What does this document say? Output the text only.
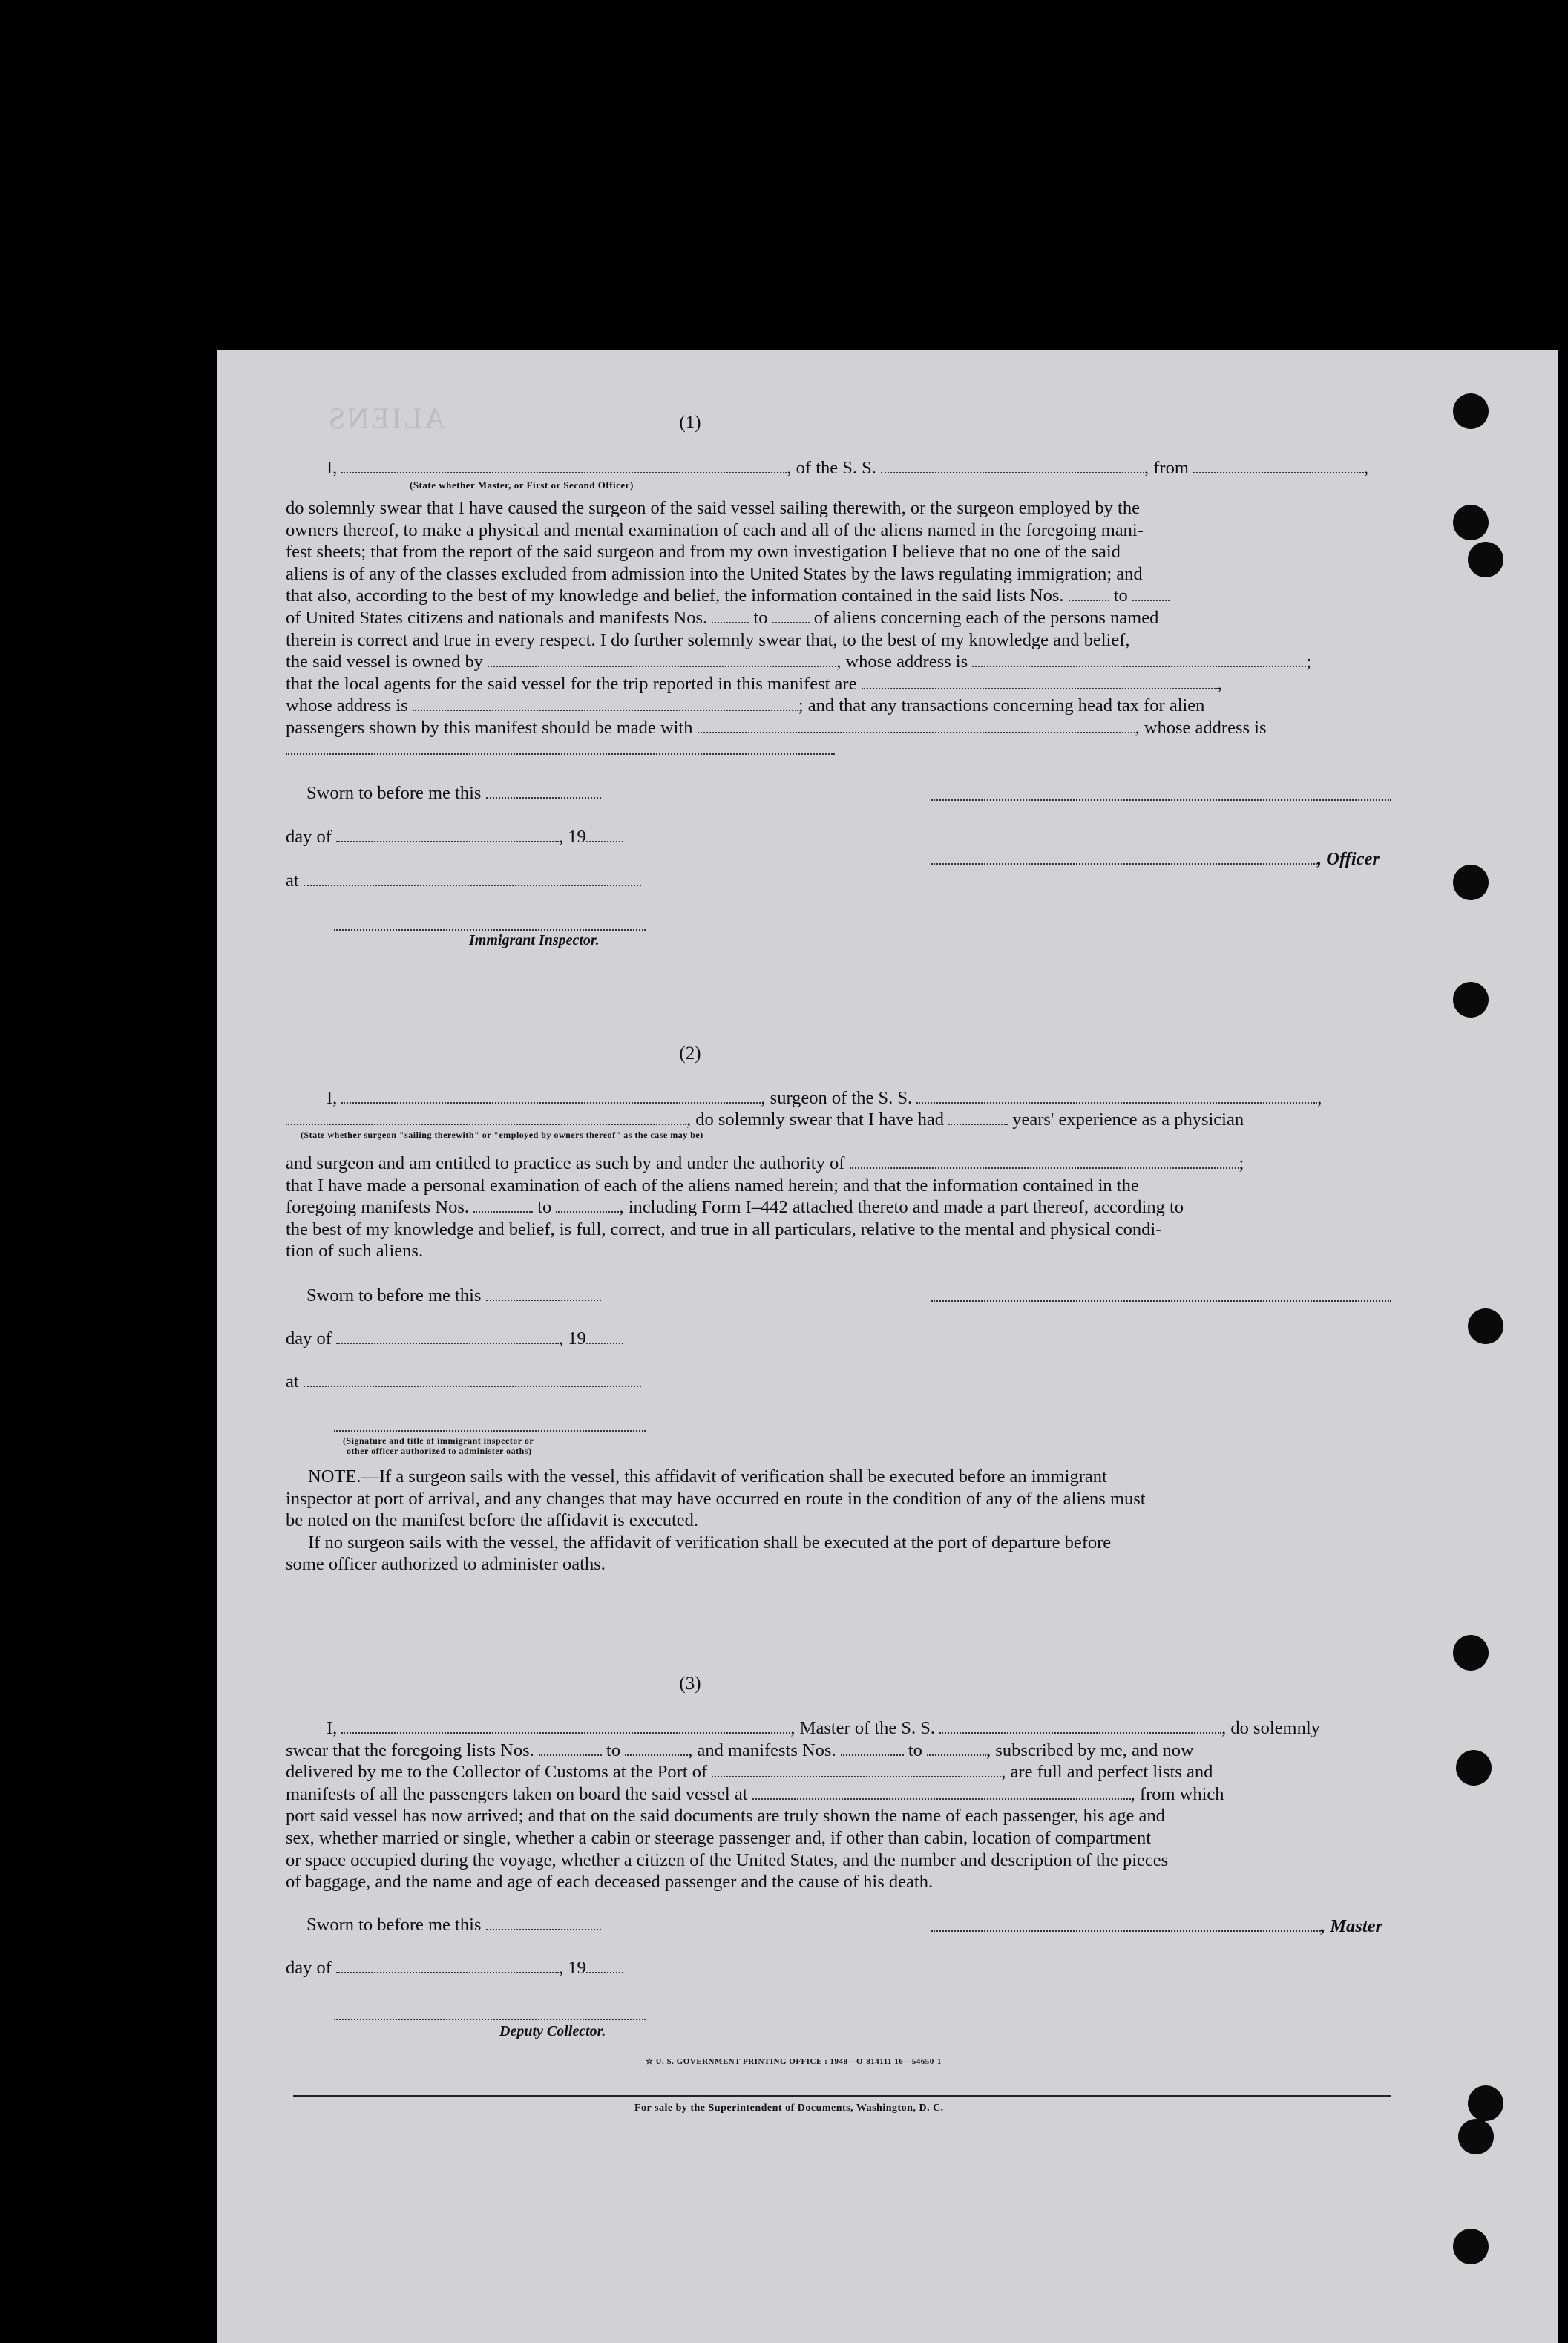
ALIENS	(1)
I,	, of the S. S.	, from	,
(State whether Master, or First or Second Officer)
do solemnly swear that I have caused the surgeon of the said vessel sailing therewith, or the surgeon employed by the
owners thereof, to make a physical and mental examination of each and all of the aliens named in the foregoing mani-
fest sheets; that from the report of the said surgeon and from my own investigation I believe that no one of the said
aliens is of any of the classes excluded from admission into the United States by the laws regulating immigration; and
that also, according to the best of my knowledge and belief, the information contained in the said lists Nos.	to
of United States citizens and nationals and manifests Nos.	to	of aliens concerning each of the persons named
therein is correct and true in every respect. I do further solemnly swear that, to the best of my knowledge and belief,
the said vessel is owned by	, whose address is	;
that the local agents for the said vessel for the trip reported in this manifest are	,
whose address is	; and that any transactions concerning head tax for alien
passengers shown by this manifest should be made with	, whose address is
Sworn to before me this
day of	, 19
, Officer
at
Immigrant Inspector.
(2)
I,	, surgeon of the S. S.	,
, do solemnly swear that I have had	years' experience as a physician
(State whether surgeon "sailing therewith" or "employed by owners thereof" as the case may be)
and surgeon and am entitled to practice as such by and under the authority of	;
that I have made a personal examination of each of the aliens named herein; and that the information contained in the
foregoing manifests Nos.	to	, including Form I–442 attached thereto and made a part thereof, according to
the best of my knowledge and belief, is full, correct, and true in all particulars, relative to the mental and physical condi-
tion of such aliens.
Sworn to before me this
day of	, 19
at
(Signature and title of immigrant inspector or
other officer authorized to administer oaths)
NOTE.—If a surgeon sails with the vessel, this affidavit of verification shall be executed before an immigrant
inspector at port of arrival, and any changes that may have occurred en route in the condition of any of the aliens must
be noted on the manifest before the affidavit is executed.
If no surgeon sails with the vessel, the affidavit of verification shall be executed at the port of departure before
some officer authorized to administer oaths.
(3)
I,	, Master of the S. S.	, do solemnly
swear that the foregoing lists Nos.	to	, and manifests Nos.	to	, subscribed by me, and now
delivered by me to the Collector of Customs at the Port of	, are full and perfect lists and
manifests of all the passengers taken on board the said vessel at	, from which
port said vessel has now arrived; and that on the said documents are truly shown the name of each passenger, his age and
sex, whether married or single, whether a cabin or steerage passenger and, if other than cabin, location of compartment
or space occupied during the voyage, whether a citizen of the United States, and the number and description of the pieces
of baggage, and the name and age of each deceased passenger and the cause of his death.
Sworn to before me this	, Master
day of	, 19
Deputy Collector.
☆ U. S. GOVERNMENT PRINTING OFFICE : 1948—O-814111 16—54650-1
For sale by the Superintendent of Documents, Washington, D. C.
